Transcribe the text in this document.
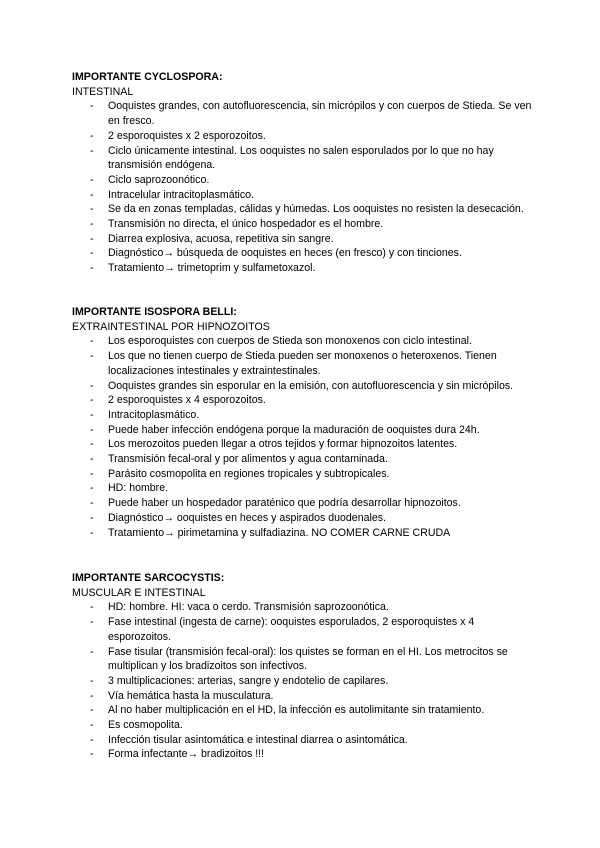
IMPORTANTE CYCLOSPORA:

INTESTINAL

- Ooquistes grandes, con autofluorescencia, sin micrópilos y con cuerpos de Stieda. Se ven en fresco.
- 2 esporoquistes x 2 esporozoitos.
- Ciclo únicamente intestinal. Los ooquistes no salen esporulados por lo que no hay transmisión endógena.
- Ciclo saprozoonótico.
- Intracelular intracitoplasmático.
- Se da en zonas templadas, cálidas y húmedas. Los ooquistes no resisten la desecación.
- Transmisión no directa, el único hospedador es el hombre.
- Diarrea explosiva, acuosa, repetitiva sin sangre.
- Diagnóstico→ búsqueda de ooquistes en heces (en fresco) y con tinciones.
- Tratamiento→ trimetoprim y sulfametoxazol.

IMPORTANTE ISOSPORA BELLI:

EXTRAINTESTINAL POR HIPNOZOITOS

- Los esporoquistes con cuerpos de Stieda son monoxenos con ciclo intestinal.
- Los que no tienen cuerpo de Stieda pueden ser monoxenos o heteroxenos. Tienen localizaciones intestinales y extraintestinales.
- Ooquistes grandes sin esporular en la emisión, con autofluorescencia y sin micrópilos.
- 2 esporoquistes x 4 esporozoitos.
- Intracitoplasmático.
- Puede haber infección endógena porque la maduración de ooquistes dura 24h.
- Los merozoitos pueden llegar a otros tejidos y formar hipnozoitos latentes.
- Transmisión fecal-oral y por alimentos y agua contaminada.
- Parásito cosmopolita en regiones tropicales y subtropicales.
- HD: hombre.
- Puede haber un hospedador paraténico que podría desarrollar hipnozoitos.
- Diagnóstico→ ooquistes en heces y aspirados duodenales.
- Tratamiento→ pirimetamina y sulfadiazina. NO COMER CARNE CRUDA

IMPORTANTE SARCOCYSTIS:

MUSCULAR E INTESTINAL

- HD: hombre. HI: vaca o cerdo. Transmisión saprozoonótica.
- Fase intestinal (ingesta de carne): ooquistes esporulados, 2 esporoquistes x 4 esporozoitos.
- Fase tisular (transmisión fecal-oral): los quistes se forman en el HI. Los metrocitos se multiplican y los bradizoitos son infectivos.
- 3 multiplicaciones: arterias, sangre y endotelio de capilares.
- Vía hemática hasta la musculatura.
- Al no haber multiplicación en el HD, la infección es autolimitante sin tratamiento.
- Es cosmopolita.
- Infección tisular asintomática e intestinal diarrea o asintomática.
- Forma infectante→ bradizoitos !!!
